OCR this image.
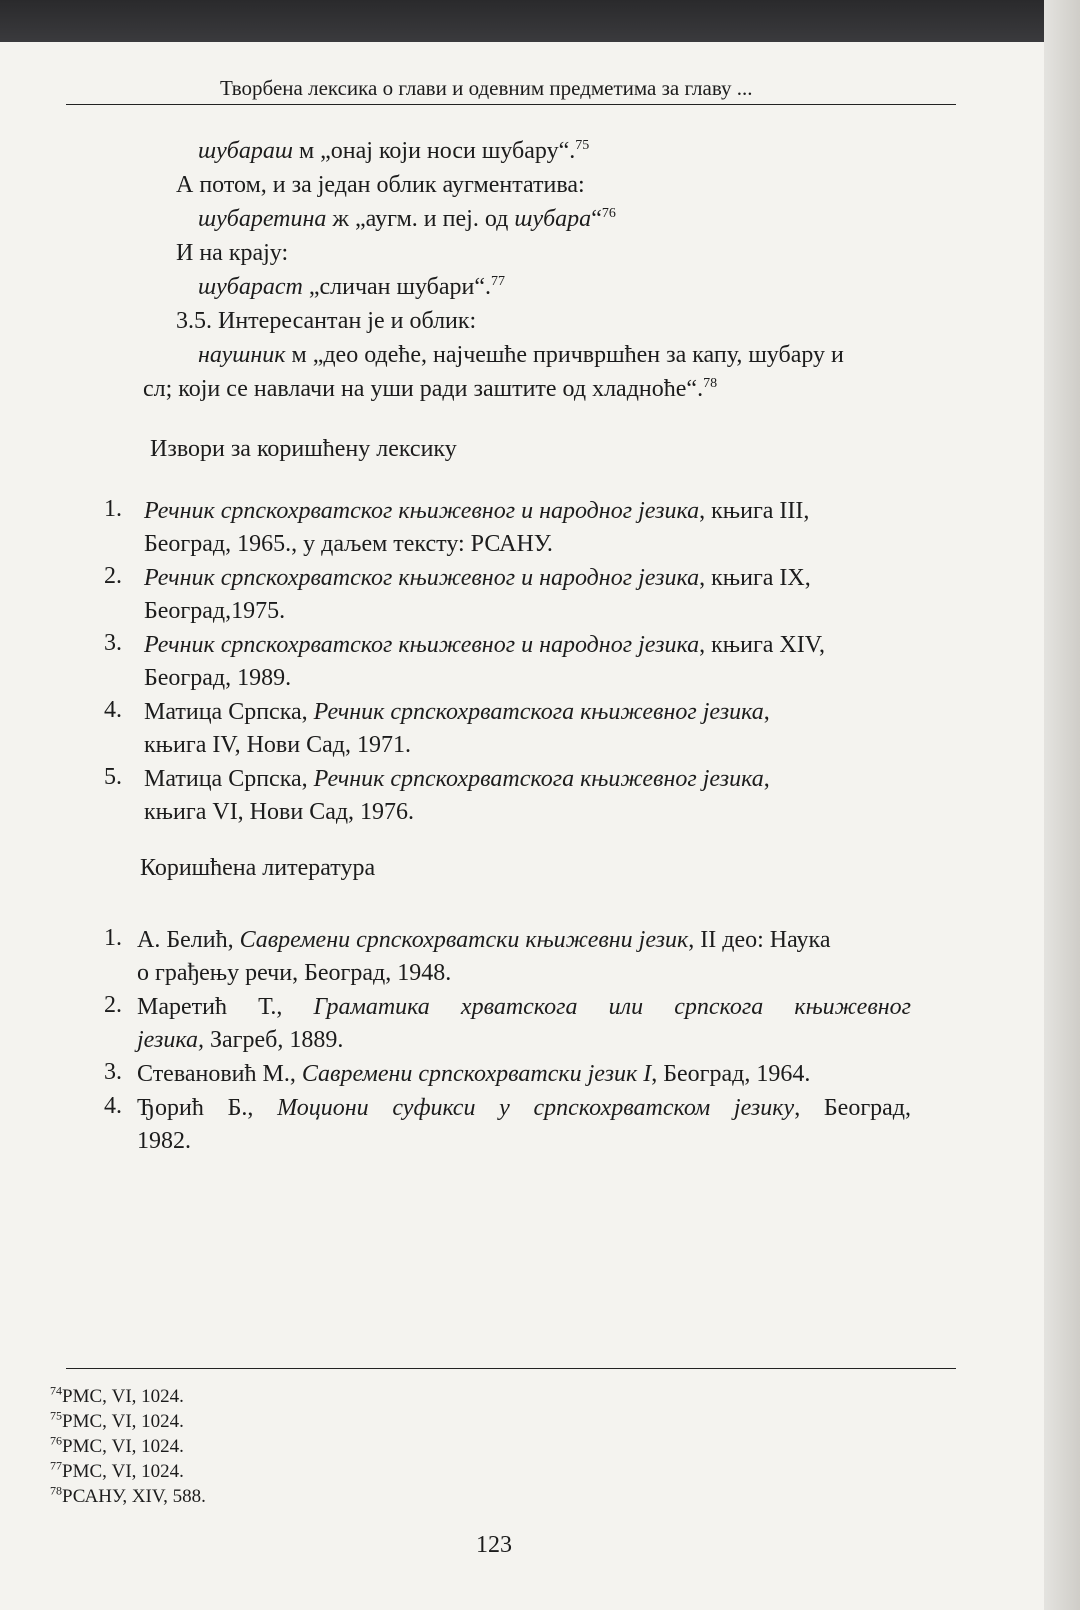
Творбена лексика о глави и одевним предметима за главу ...
шубараш м „онај који носи шубару“.$^{75}$
А потом, и за један облик аугментатива:
шубаретина ж „аугм. и пеј. од шубара“$^{76}$
И на крају:
шубараст „сличан шубари“.$^{77}$
3.5. Интересантан је и облик:
наушник м „део одеће, најчешће причвршћен за капу, шубару и
сл; који се навлачи на уши ради заштите од хладноће“.$^{78}$
Извори за коришћену лексику
1. Речник српскохрватског књижевног и народног језика, књига III,
Београд, 1965., у даљем тексту: РСАНУ.
2. Речник српскохрватског књижевног и народног језика, књига IX,
Београд,1975.
3. Речник српскохрватског књижевног и народног језика, књига XIV,
Београд, 1989.
4. Матица Српска, Речник српскохрватскога књижевног језика,
књига IV, Нови Сад, 1971.
5. Матица Српска, Речник српскохрватскога књижевног језика,
књига VI, Нови Сад, 1976.
Коришћена литература
1. А. Белић, Савремени српскохрватски књижевни језик, II део: Наука
о грађењу речи, Београд, 1948.
2. Маретић Т., Граматика хрватскога или српскога књижевног
језика, Загреб, 1889.
3. Стевановић М., Савремени српскохрватски језик I, Београд, 1964.
4. Ђорић Б., Моциони суфикси у српскохрватском језику, Београд,
1982.
$^{74}$РМС, VI, 1024.
$^{75}$РМС, VI, 1024.
$^{76}$РМС, VI, 1024.
$^{77}$РМС, VI, 1024.
$^{78}$РСАНУ, XIV, 588.
123
